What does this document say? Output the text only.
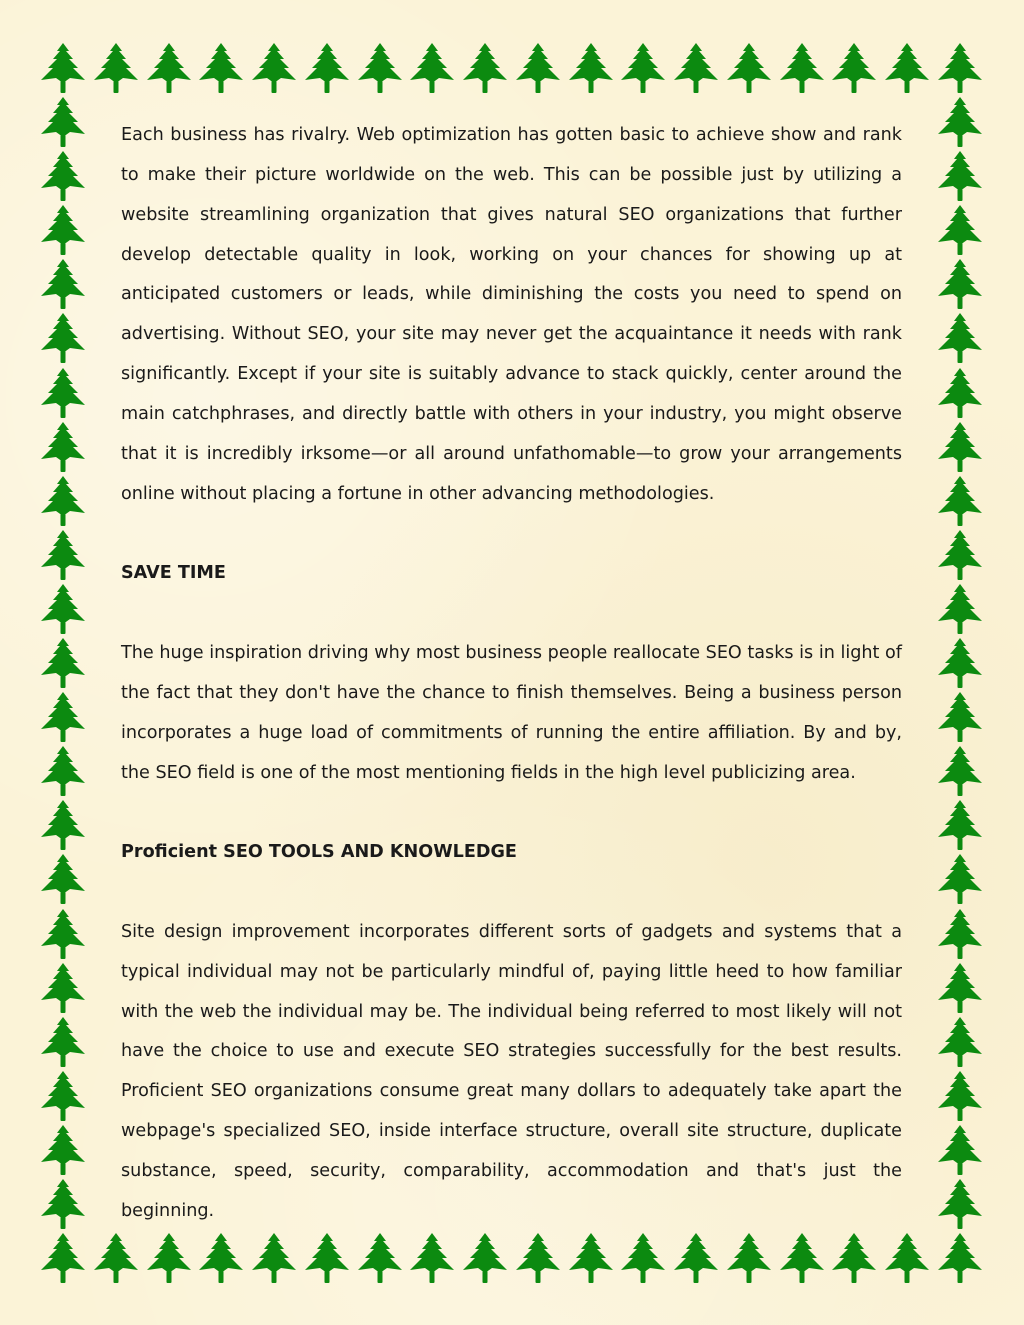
Each business has rivalry. Web optimization has gotten basic to achieve show and rank to make their picture worldwide on the web. This can be possible just by utilizing a website streamlining organization that gives natural SEO organizations that further develop detectable quality in look, working on your chances for showing up at anticipated customers or leads, while diminishing the costs you need to spend on advertising. Without SEO, your site may never get the acquaintance it needs with rank significantly. Except if your site is suitably advance to stack quickly, center around the main catchphrases, and directly battle with others in your industry, you might observe that it is incredibly irksome—or all around unfathomable—to grow your arrangements online without placing a fortune in other advancing methodologies.

SAVE TIME

The huge inspiration driving why most business people reallocate SEO tasks is in light of the fact that they don't have the chance to finish themselves. Being a business person incorporates a huge load of commitments of running the entire affiliation. By and by, the SEO field is one of the most mentioning fields in the high level publicizing area.

Proficient SEO TOOLS AND KNOWLEDGE

Site design improvement incorporates different sorts of gadgets and systems that a typical individual may not be particularly mindful of, paying little heed to how familiar with the web the individual may be. The individual being referred to most likely will not have the choice to use and execute SEO strategies successfully for the best results. Proficient SEO organizations consume great many dollars to adequately take apart the webpage's specialized SEO, inside interface structure, overall site structure, duplicate substance, speed, security, comparability, accommodation and that's just the beginning.
